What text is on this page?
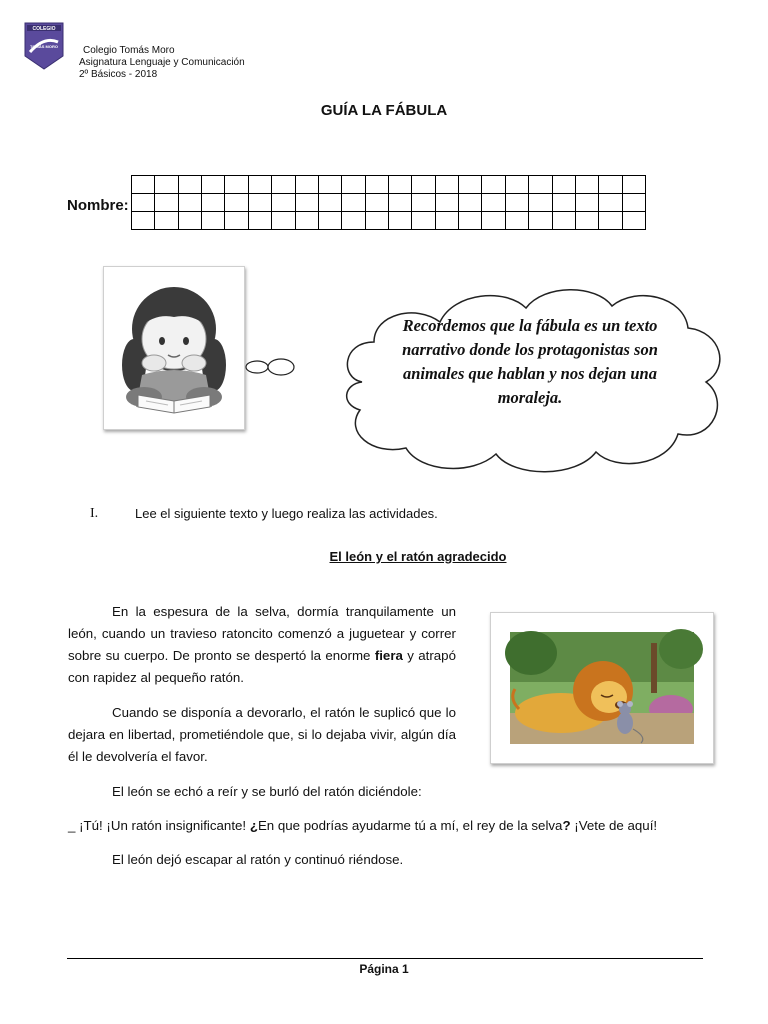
COLEGIO
TOMÁS MORO	Colegio Tomás Moro
Asignatura Lenguaje y Comunicación
2º Básicos - 2018
GUÍA LA FÁBULA
Nombre:
Recordemos que la fábula es un texto narrativo donde los protagonistas son animales que hablan y nos dejan una moraleja.
I.	Lee el siguiente texto y luego realiza las actividades.
El león y el ratón agradecido
En la espesura de la selva, dormía tranquilamente un león, cuando un travieso ratoncito comenzó a juguetear y correr sobre su cuerpo. De pronto se despertó la enorme fiera y atrapó con rapidez al pequeño ratón.
Cuando se disponía a devorarlo, el ratón le suplicó que lo dejara en libertad, prometiéndole que, si lo dejaba vivir, algún día él le devolvería el favor.
El león se echó a reír y se burló del ratón diciéndole:
_ ¡Tú! ¡Un ratón insignificante! ¿En que podrías ayudarme tú a mí, el rey de la selva? ¡Vete de aquí!
El león dejó escapar al ratón y continuó riéndose.
Página 1
